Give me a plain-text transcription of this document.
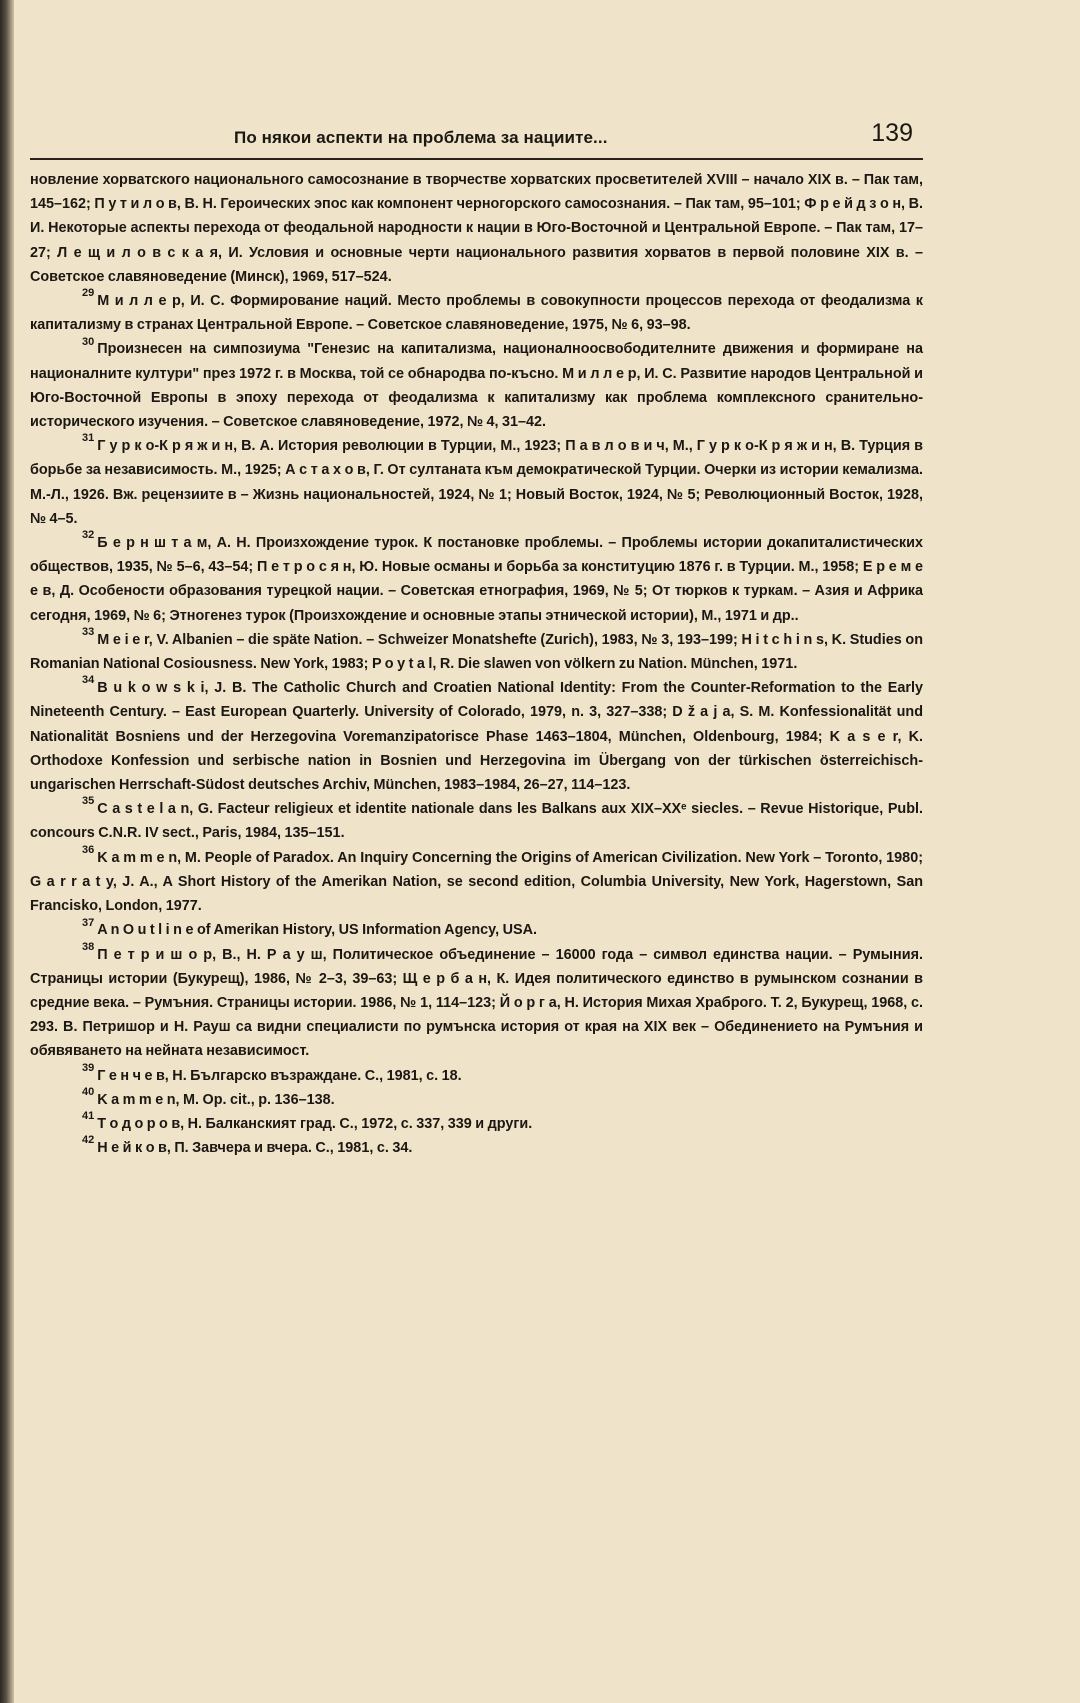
По някои аспекти на проблема за нациите...	139

новление хорватского национального самосознание в творчестве хорватских просветителей XVIII – начало XIX в. – Пак там, 145–162; П у т и л о в, В. Н. Героических эпос как компонент черногорского самосознания. – Пак там, 95–101; Ф р е й д з о н, В. И. Некоторые аспекты перехода от феодальной народности к нации в Юго-Восточной и Центральной Европе. – Пак там, 17–27; Л е щ и л о в с к а я, И. Условия и основные черти национального развития хорватов в первой половине XIX в. – Советское славяноведение (Минск), 1969, 517–524.

$^{29}$ М и л л е р, И. С. Формирование наций. Место проблемы в совокупности процессов перехода от феодализма к капитализму в странах Центральной Европе. – Советское славяноведение, 1975, № 6, 93–98.

$^{30}$ Произнесен на симпозиума "Генезис на капитализма, националноосвободителните движения и формиране на националните култури" през 1972 г. в Москва, той се обнародва по-късно. М и л л е р, И. С. Развитие народов Центральной и Юго-Восточной Европы в эпоху перехода от феодализма к капитализму как проблема комплексного сранительно-исторического изучения. – Советское славяноведение, 1972, № 4, 31–42.

$^{31}$ Г у р к о-К р я ж и н, В. А. История революции в Турции, М., 1923; П а в л о в и ч, М., Г у р к о-К р я ж и н, В. Турция в борьбе за независимость. М., 1925; А с т а х о в, Г. От султаната към демократической Турции. Очерки из истории кемализма. М.-Л., 1926. Вж. рецензиите в – Жизнь национальностей, 1924, № 1; Новый Восток, 1924, № 5; Революционный Восток, 1928, № 4–5.

$^{32}$ Б е р н ш т а м, А. Н. Произхождение турок. К постановке проблемы. – Проблемы истории докапиталистических обществов, 1935, № 5–6, 43–54; П е т р о с я н, Ю. Новые османы и борьба за конституцию 1876 г. в Турции. М., 1958; Е р е м е е в, Д. Особености образования турецкой нации. – Советская етнография, 1969, № 5; От тюрков к туркам. – Азия и Африка сегодня, 1969, № 6; Этногенез турок (Произхождение и основные этапы этнической истории), М., 1971 и др..

$^{33}$ M e i e r, V. Albanien – die späte Nation. – Schweizer Monatshefte (Zurich), 1983, № 3, 193–199; H i t c h i n s, K. Studies on Romanian National Cosiousness. New York, 1983; P o y t a l, R. Die slawen von völkern zu Nation. München, 1971.

$^{34}$ B u k o w s k i, J. B. The Catholic Church and Croatien National Identity: From the Counter-Reformation to the Early Nineteenth Century. – East European Quarterly. University of Colorado, 1979, n. 3, 327–338; D ž a j a, S. M. Konfessionalität und Nationalität Bosniens und der Herzegovina Voremanzipatorisce Phase 1463–1804, München, Oldenbourg, 1984; K a s e r, K. Orthodoxe Konfession und serbische nation in Bosnien und Herzegovina im Übergang von der türkischen österreichisch-ungarischen Herrschaft-Südost deutsches Archiv, München, 1983–1984, 26–27, 114–123.

$^{35}$ C a s t e l a n, G. Facteur religieux et identite nationale dans les Balkans aux XIX–XXᵉ siecles. – Revue Historique, Publ. concours C.N.R. IV sect., Paris, 1984, 135–151.

$^{36}$ K a m m e n, M. People of Paradox. An Inquiry Concerning the Origins of American Civilization. New York – Toronto, 1980; G a r r a t y, J. A., A Short History of the Amerikan Nation, se second edition, Columbia University, New York, Hagerstown, San Francisko, London, 1977.

$^{37}$ A n O u t l i n e of Amerikan History, US Information Agency, USA.

$^{38}$ П е т р и ш о р, В., Н. Р а у ш, Политическое объединение – 16000 года – символ единства нации. – Румыния. Страницы истории (Букурещ), 1986, № 2–3, 39–63; Щ е р б а н, К. Идея политического единство в румынском сознании в средние века. – Румъния. Страницы истории. 1986, № 1, 114–123; Й о р г а, Н. История Михая Храброго. Т. 2, Букурещ, 1968, с. 293. В. Петришор и Н. Рауш са видни специалисти по румънска история от края на XIX век – Обединението на Румъния и обявяването на нейната независимост.

$^{39}$ Г е н ч е в, Н. Българско възраждане. С., 1981, с. 18.

$^{40}$ K a m m e n, M. Op. cit., p. 136–138.

$^{41}$ Т о д о р о в, Н. Балканският град. С., 1972, с. 337, 339 и други.

$^{42}$ Н е й к о в, П. Завчера и вчера. С., 1981, с. 34.
